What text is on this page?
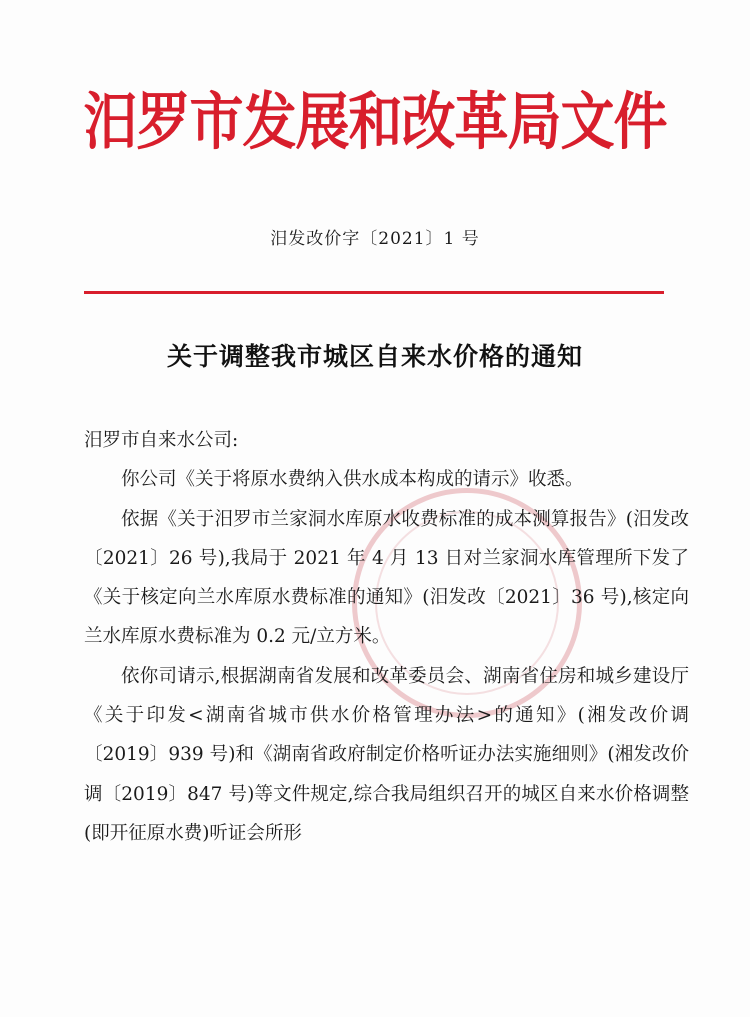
汨罗市发展和改革局文件
汨发改价字〔2021〕1 号
关于调整我市城区自来水价格的通知

汨罗市自来水公司:

你公司《关于将原水费纳入供水成本构成的请示》收悉。

依据《关于汨罗市兰家洞水库原水收费标准的成本测算报告》(汨发改〔2021〕26 号),我局于 2021 年 4 月 13 日对兰家洞水库管理所下发了《关于核定向兰水库原水费标准的通知》(汨发改〔2021〕36 号),核定向兰水库原水费标准为 0.2 元/立方米。

依你司请示,根据湖南省发展和改革委员会、湖南省住房和城乡建设厅《关于印发<湖南省城市供水价格管理办法>的通知》(湘发改价调〔2019〕939 号)和《湖南省政府制定价格听证办法实施细则》(湘发改价调〔2019〕847 号)等文件规定,综合我局组织召开的城区自来水价格调整(即开征原水费)听证会所形
